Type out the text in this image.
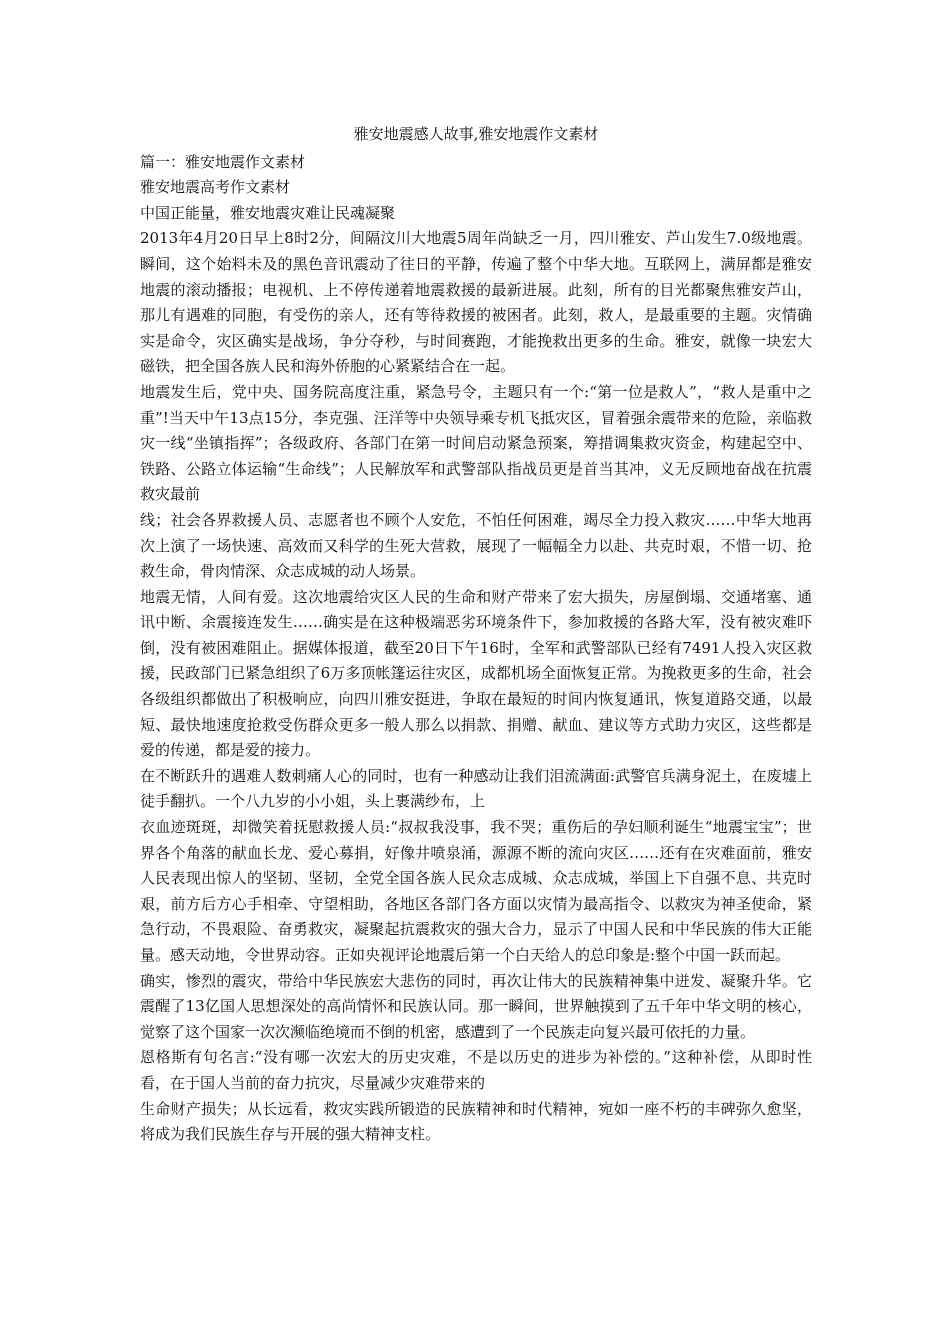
雅安地震感人故事,雅安地震作文素材

篇一：雅安地震作文素材

雅安地震高考作文素材

中国正能量，雅安地震灾难让民魂凝聚

2013年4月20日早上8时2分，间隔汶川大地震5周年尚缺乏一月，四川雅安、芦山发生7.0级地震。瞬间，这个始料未及的黑色音讯震动了往日的平静，传遍了整个中华大地。互联网上，满屏都是雅安地震的滚动播报；电视机、上不停传递着地震救援的最新进展。此刻，所有的目光都聚焦雅安芦山，那儿有遇难的同胞，有受伤的亲人，还有等待救援的被困者。此刻，救人，是最重要的主题。灾情确实是命令，灾区确实是战场，争分夺秒，与时间赛跑，才能挽救出更多的生命。雅安，就像一块宏大磁铁，把全国各族人民和海外侨胞的心紧紧结合在一起。

地震发生后，党中央、国务院高度注重，紧急号令，主题只有一个:“第一位是救人”，“救人是重中之重”!当天中午13点15分，李克强、汪洋等中央领导乘专机飞抵灾区，冒着强余震带来的危险，亲临救灾一线“坐镇指挥”；各级政府、各部门在第一时间启动紧急预案，筹措调集救灾资金，构建起空中、铁路、公路立体运输“生命线”；人民解放军和武警部队指战员更是首当其冲，义无反顾地奋战在抗震救灾最前

线；社会各界救援人员、志愿者也不顾个人安危，不怕任何困难，竭尽全力投入救灾……中华大地再次上演了一场快速、高效而又科学的生死大营救，展现了一幅幅全力以赴、共克时艰，不惜一切、抢救生命，骨肉情深、众志成城的动人场景。

地震无情，人间有爱。这次地震给灾区人民的生命和财产带来了宏大损失，房屋倒塌、交通堵塞、通讯中断、余震接连发生……确实是在这种极端恶劣环境条件下，参加救援的各路大军，没有被灾难吓倒，没有被困难阻止。据媒体报道，截至20日下午16时，全军和武警部队已经有7491人投入灾区救援，民政部门已紧急组织了6万多顶帐篷运往灾区，成都机场全面恢复正常。为挽救更多的生命，社会各级组织都做出了积极响应，向四川雅安挺进，争取在最短的时间内恢复通讯，恢复道路交通，以最短、最快地速度抢救受伤群众更多一般人那么以捐款、捐赠、献血、建议等方式助力灾区，这些都是爱的传递，都是爱的接力。

在不断跃升的遇难人数刺痛人心的同时，也有一种感动让我们泪流满面:武警官兵满身泥土，在废墟上徒手翻扒。一个八九岁的小小姐，头上裹满纱布，上

衣血迹斑斑，却微笑着抚慰救援人员:“叔叔我没事，我不哭；重伤后的孕妇顺利诞生“地震宝宝”；世界各个角落的献血长龙、爱心募捐，好像井喷泉涌，源源不断的流向灾区……还有在灾难面前，雅安人民表现出惊人的坚韧、坚韧，全党全国各族人民众志成城、众志成城，举国上下自强不息、共克时艰，前方后方心手相牵、守望相助，各地区各部门各方面以灾情为最高指令、以救灾为神圣使命，紧急行动，不畏艰险、奋勇救灾，凝聚起抗震救灾的强大合力，显示了中国人民和中华民族的伟大正能量。感天动地，令世界动容。正如央视评论地震后第一个白天给人的总印象是:整个中国一跃而起。

确实，惨烈的震灾，带给中华民族宏大悲伤的同时，再次让伟大的民族精神集中迸发、凝聚升华。它震醒了13亿国人思想深处的高尚情怀和民族认同。那一瞬间，世界触摸到了五千年中华文明的核心，觉察了这个国家一次次濒临绝境而不倒的机密，感遭到了一个民族走向复兴最可依托的力量。

恩格斯有句名言:“没有哪一次宏大的历史灾难，不是以历史的进步为补偿的。”这种补偿，从即时性看，在于国人当前的奋力抗灾，尽量减少灾难带来的

生命财产损失；从长远看，救灾实践所锻造的民族精神和时代精神，宛如一座不朽的丰碑弥久愈坚，将成为我们民族生存与开展的强大精神支柱。
